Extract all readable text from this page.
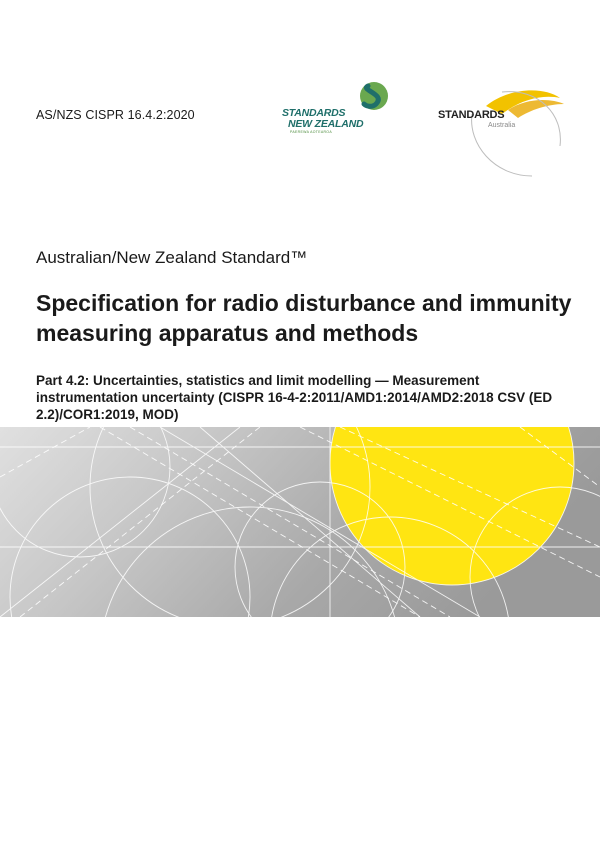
AS/NZS CISPR 16.4.2:2020	STANDARDS
NEW ZEALAND
PAEREWA AOTEAROA
STANDARDS
Australia
Australian/New Zealand Standard™
Specification for radio disturbance and immunity measuring apparatus and methods
Part 4.2: Uncertainties, statistics and limit modelling — Measurement instrumentation uncertainty (CISPR 16-4-2:2011/AMD1:2014/AMD2:2018 CSV (ED 2.2)/COR1:2019, MOD)
